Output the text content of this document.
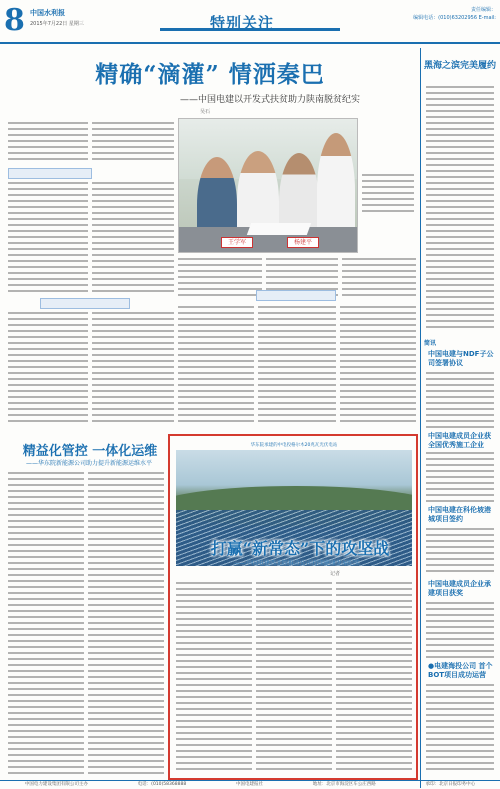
8 中国水利报
2015年7月22日 星期三	特别关注
责任编辑：
编辑电话：(010)63202956 E-mail:
精确“滴灌” 情洒秦巴
——中国电建以开发式扶贫助力陕南脱贫纪实
吴石
王学军	杨建平
黑海之滨完美履约
简讯
中国电建与NDF子公司签署协议
中国电建成员企业获全国优秀施工企业
中国电建在科伦坡港城项目签约
中国电建成员企业承建项目获奖
●电建海投公司 首个BOT项目成功运营
精益化管控 一体化运维
——华东院新能源公司助力提升新能源运维水平
华东院承建的中电投格尔木20兆瓦光伏电站
打赢“新常态”下的攻坚战
——中国电建西北院推动公司持续健康发展纪实
记者
中国电力建设集团有限公司主办	电话：(010)58368888	中国电建报社	地址：北京市海淀区车公庄西路	承印：北京日报印务中心
